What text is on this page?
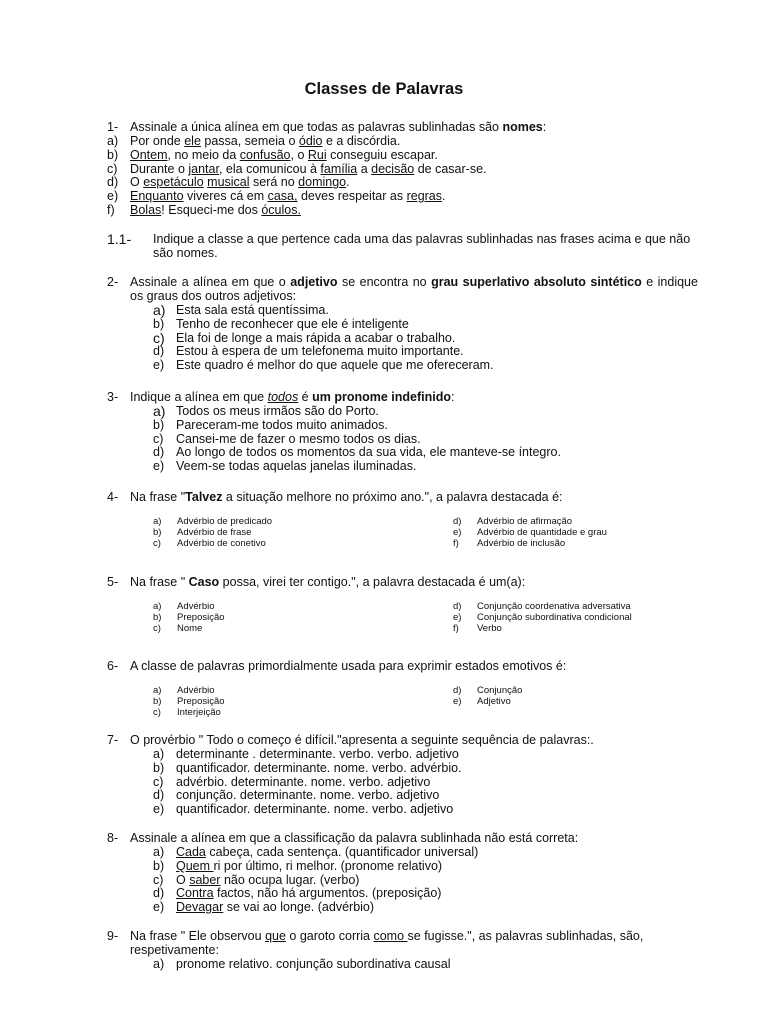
Classes de Palavras
1- Assinale a única alínea em que todas as palavras sublinhadas são nomes:
a) Por onde ele passa, semeia o ódio e a discórdia.
b) Ontem, no meio da confusão, o Rui conseguiu escapar.
c)	Durante o jantar, ela comunicou à família a decisão de casar-se.
d) O espetáculo musical será no domingo.
e) Enquanto viveres cá em casa, deves respeitar as regras.
f)	Bolas! Esqueci-me dos óculos.
1.1-	Indique a classe a que pertence cada uma das palavras sublinhadas nas frases acima e que não são nomes.
2- Assinale a alínea em que o adjetivo se encontra no grau superlativo absoluto sintético e indique os graus dos outros adjetivos:
a) Esta sala está quentíssima.
b) Tenho de reconhecer que ele é inteligente
c) Ela foi de longe a mais rápida a acabar o trabalho.
d) Estou à espera de um telefonema muito importante.
e) Este quadro é melhor do que aquele que me ofereceram.
3- Indique a alínea em que todos é um pronome indefinido:
a) Todos os meus irmãos são do Porto.
b) Pareceram-me todos muito animados.
c)	Cansei-me de fazer o mesmo todos os dias.
d) Ao longo de todos os momentos da sua vida, ele manteve-se íntegro.
e) Veem-se todas aquelas janelas iluminadas.
4- Na frase "Talvez a situação melhore no próximo ano.", a palavra destacada é:
a)	Advérbio de predicado	d)	Advérbio de afirmação
b)	Advérbio de frase	e)	Advérbio de quantidade e grau
c)	Advérbio de conetivo	f)	Advérbio de inclusão
5- Na frase " Caso possa, virei ter contigo.", a palavra destacada é um(a):
a)	Advérbio	d)	Conjunção coordenativa adversativa
b)	Preposição	e)	Conjunção subordinativa condicional
c)	Nome	f)	Verbo
6- A classe de palavras primordialmente usada para exprimir estados emotivos é:
a)	Advérbio	d)	Conjunção
b)	Preposição	e)	Adjetivo
c)	Interjeição
7- O provérbio " Todo o começo é difícil."apresenta a seguinte sequência de palavras:.
a) determinante . determinante. verbo. verbo. adjetivo
b) quantificador. determinante. nome. verbo. advérbio.
c)	advérbio. determinante. nome. verbo. adjetivo
d) conjunção. determinante. nome. verbo. adjetivo
e) quantificador. determinante. nome. verbo. adjetivo
8- Assinale a alínea em que a classificação da palavra sublinhada não está correta:
a) Cada cabeça, cada sentença. (quantificador universal)
b) Quem ri por último, ri melhor. (pronome relativo)
c)	O saber não ocupa lugar. (verbo)
d) Contra factos, não há argumentos. (preposição)
e) Devagar se vai ao longe. (advérbio)
9- Na frase " Ele observou que o garoto corria como se fugisse.", as palavras sublinhadas, são, respetivamente:
a) pronome relativo. conjunção subordinativa causal
